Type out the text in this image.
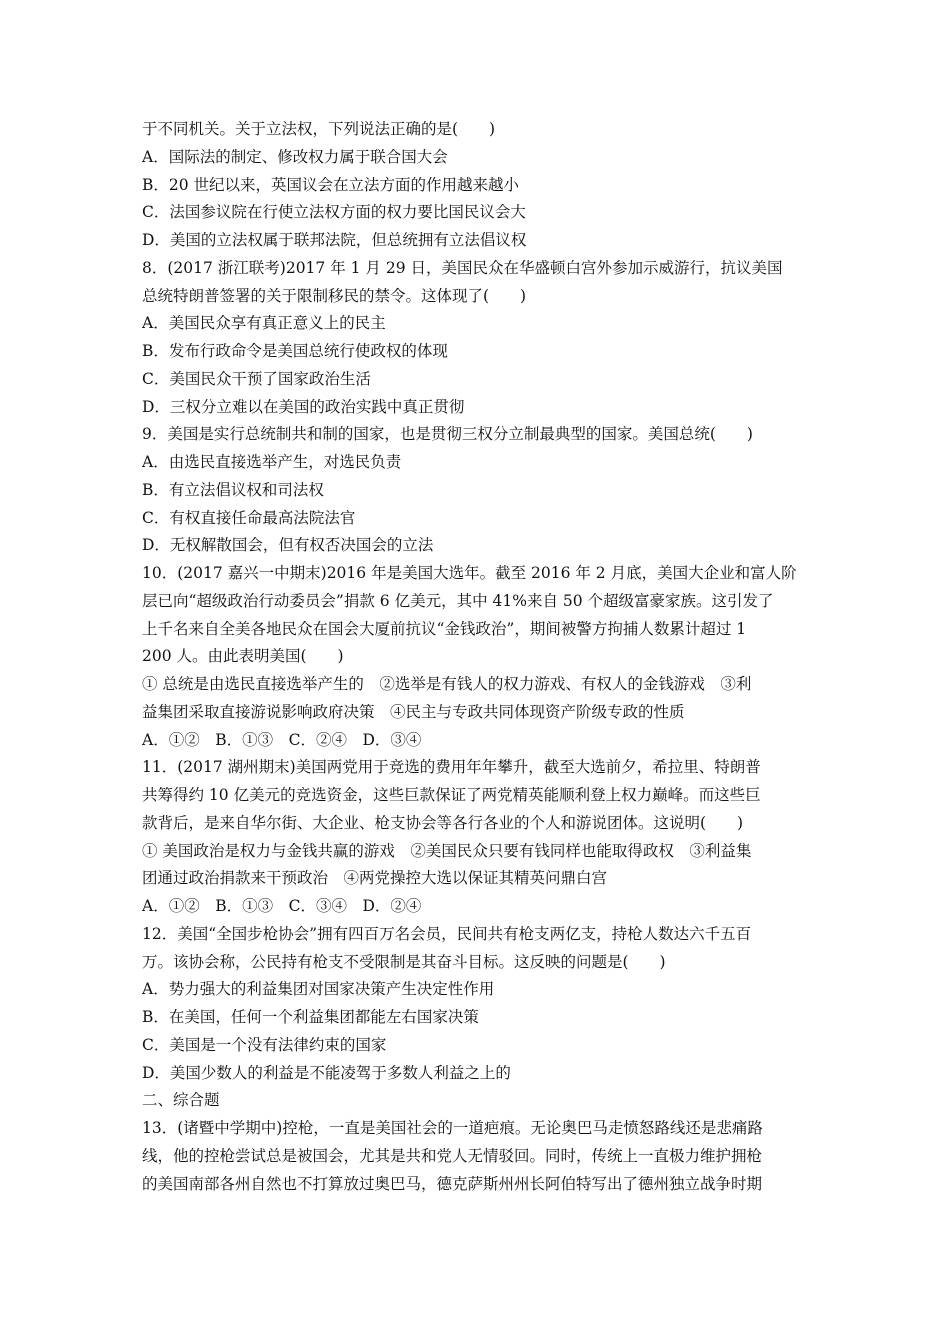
于不同机关。关于立法权，下列说法正确的是(　　)
A．国际法的制定、修改权力属于联合国大会
B．20 世纪以来，英国议会在立法方面的作用越来越小
C．法国参议院在行使立法权方面的权力要比国民议会大
D．美国的立法权属于联邦法院，但总统拥有立法倡议权
8．(2017 浙江联考)2017 年 1 月 29 日，美国民众在华盛顿白宫外参加示威游行，抗议美国
总统特朗普签署的关于限制移民的禁令。这体现了(　　)
A．美国民众享有真正意义上的民主
B．发布行政命令是美国总统行使政权的体现
C．美国民众干预了国家政治生活
D．三权分立难以在美国的政治实践中真正贯彻
9．美国是实行总统制共和制的国家，也是贯彻三权分立制最典型的国家。美国总统(　　)
A．由选民直接选举产生，对选民负责
B．有立法倡议权和司法权
C．有权直接任命最高法院法官
D．无权解散国会，但有权否决国会的立法
10．(2017 嘉兴一中期末)2016 年是美国大选年。截至 2016 年 2 月底，美国大企业和富人阶
层已向“超级政治行动委员会”捐款 6 亿美元，其中 41%来自 50 个超级富豪家族。这引发了
上千名来自全美各地民众在国会大厦前抗议“金钱政治”，期间被警方拘捕人数累计超过 1
200 人。由此表明美国(　　)
① 总统是由选民直接选举产生的　②选举是有钱人的权力游戏、有权人的金钱游戏　③利
益集团采取直接游说影响政府决策　④民主与专政共同体现资产阶级专政的性质
A．①②　B．①③　C．②④　D．③④
11．(2017 湖州期末)美国两党用于竞选的费用年年攀升，截至大选前夕，希拉里、特朗普
共筹得约 10 亿美元的竞选资金，这些巨款保证了两党精英能顺利登上权力巅峰。而这些巨
款背后，是来自华尔街、大企业、枪支协会等各行各业的个人和游说团体。这说明(　　)
① 美国政治是权力与金钱共赢的游戏　②美国民众只要有钱同样也能取得政权　③利益集
团通过政治捐款来干预政治　④两党操控大选以保证其精英问鼎白宫
A．①②　B．①③　C．③④　D．②④
12．美国“全国步枪协会”拥有四百万名会员，民间共有枪支两亿支，持枪人数达六千五百
万。该协会称，公民持有枪支不受限制是其奋斗目标。这反映的问题是(　　)
A．势力强大的利益集团对国家决策产生决定性作用
B．在美国，任何一个利益集团都能左右国家决策
C．美国是一个没有法律约束的国家
D．美国少数人的利益是不能凌驾于多数人利益之上的
二、综合题
13．(诸暨中学期中)控枪，一直是美国社会的一道疤痕。无论奥巴马走愤怒路线还是悲痛路
线，他的控枪尝试总是被国会，尤其是共和党人无情驳回。同时，传统上一直极力维护拥枪
的美国南部各州自然也不打算放过奥巴马，德克萨斯州州长阿伯特写出了德州独立战争时期
